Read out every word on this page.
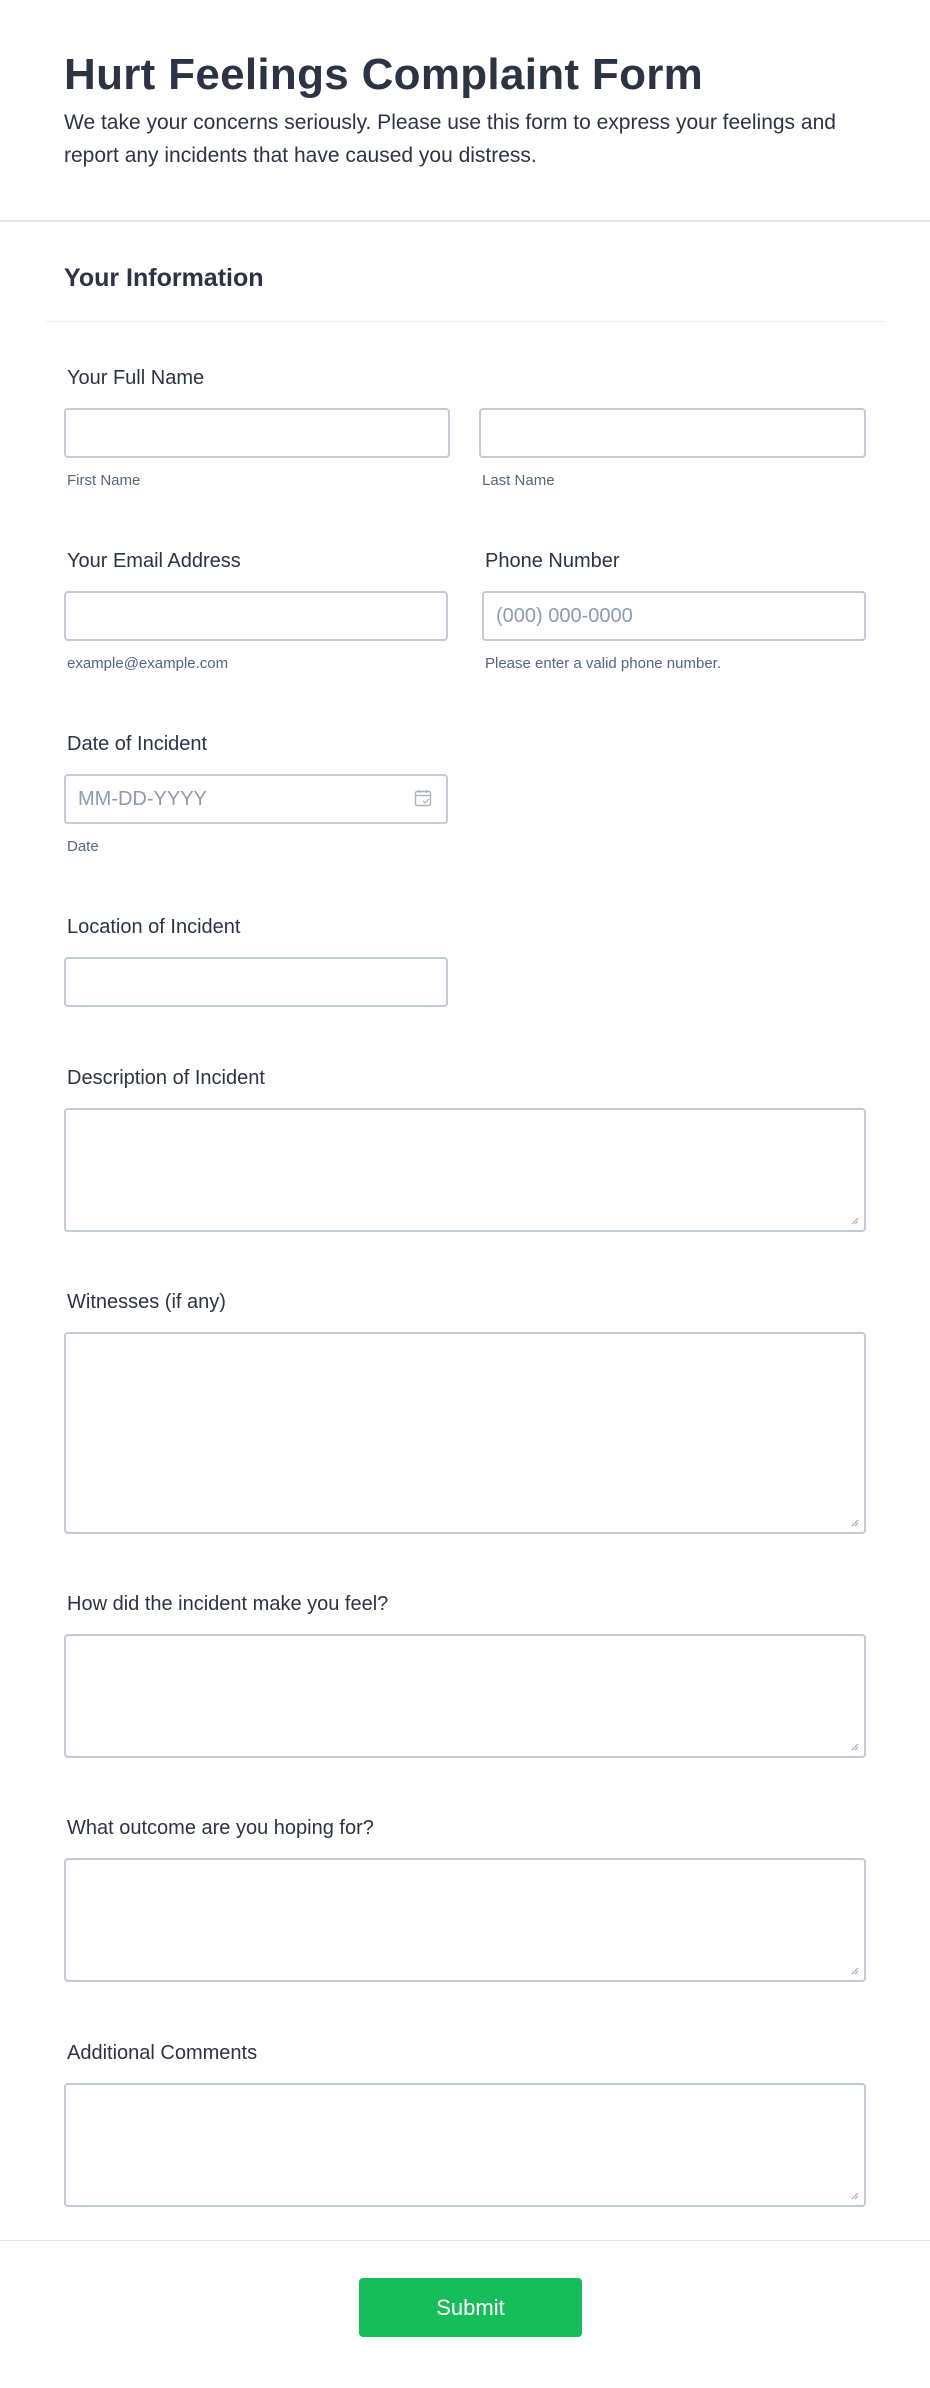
Hurt Feelings Complaint Form

We take your concerns seriously. Please use this form to express your feelings and report any incidents that have caused you distress.

Your Information
Your Full Name
First Name	Last Name
Your Email Address
example@example.com
Phone Number
(000) 000-0000
Please enter a valid phone number.
Date of Incident
MM-DD-YYYY
Date
Location of Incident
Description of Incident
Witnesses (if any)
How did the incident make you feel?
What outcome are you hoping for?
Additional Comments
Submit
